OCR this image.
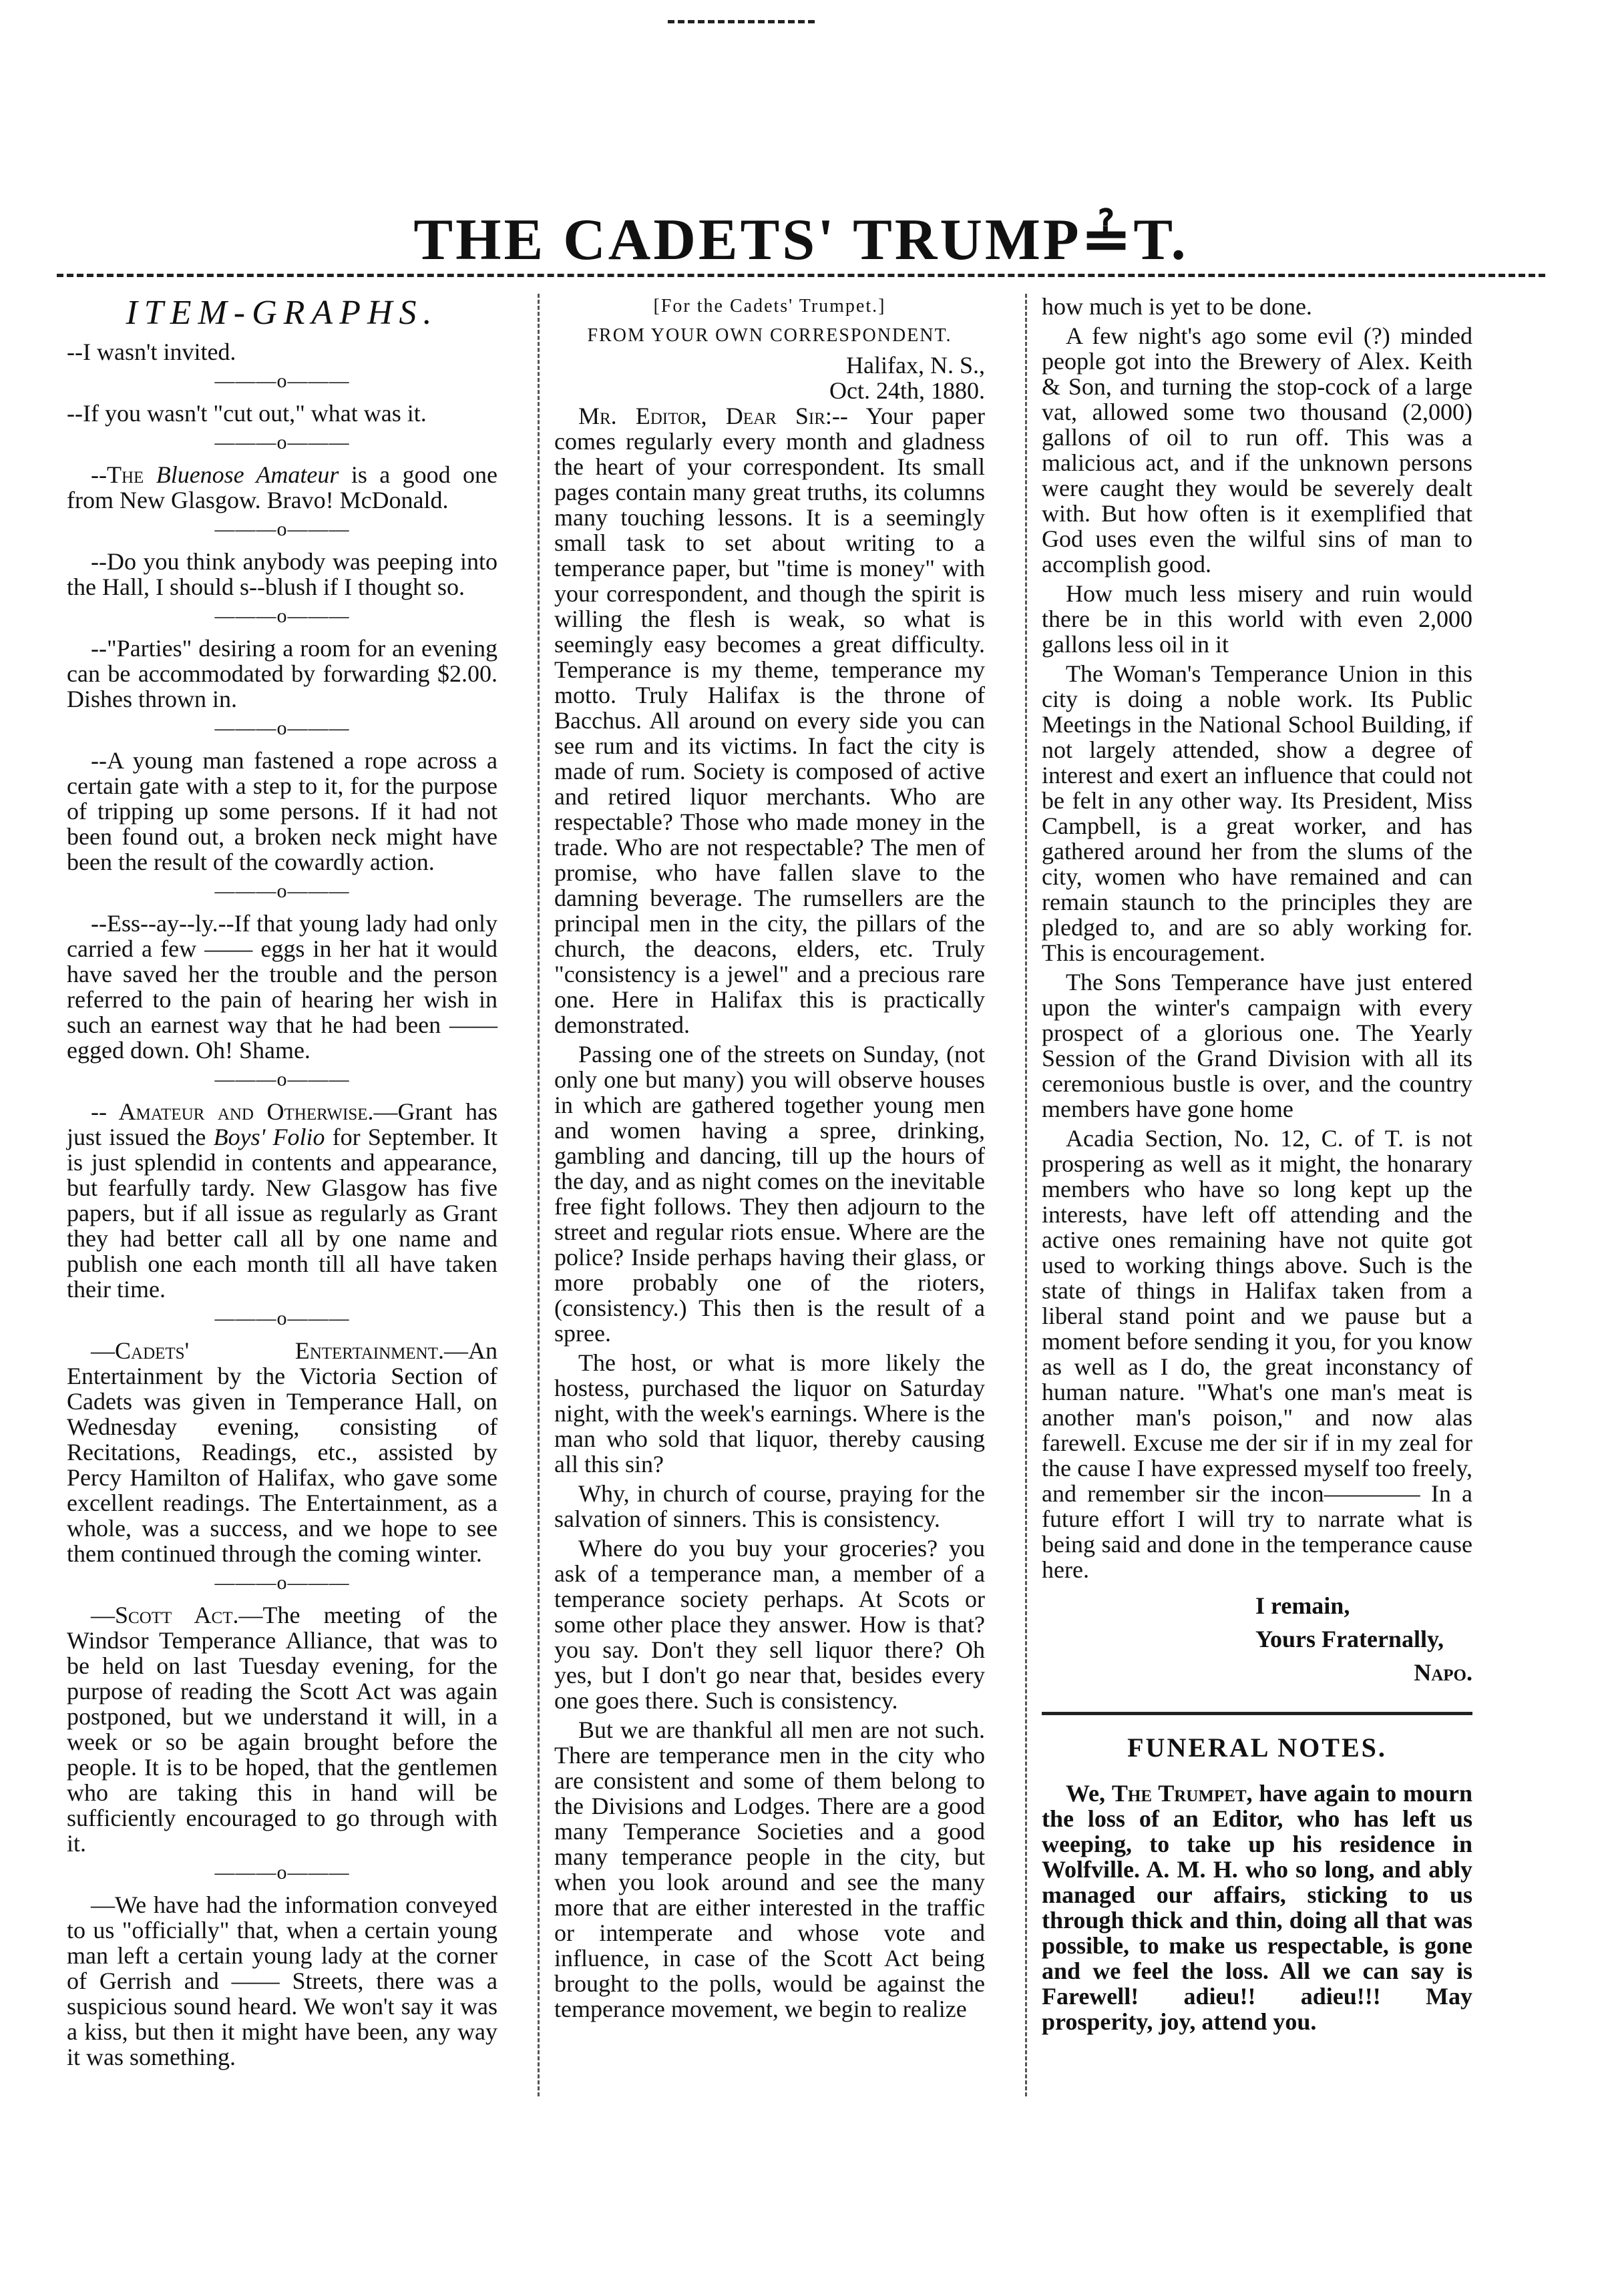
THE CADETS' TRUMP≟T.

ITEM-GRAPHS.

--I wasn't invited.

———o———

--If you wasn't "cut out," what was it.

———o———

--The Bluenose Amateur is a good one from New Glasgow. Bravo! McDonald.

———o———

--Do you think anybody was peeping into the Hall, I should s--blush if I thought so.

———o———

--"Parties" desiring a room for an evening can be accommodated by forwarding $2.00. Dishes thrown in.

———o———

--A young man fastened a rope across a certain gate with a step to it, for the purpose of tripping up some persons. If it had not been found out, a broken neck might have been the result of the cowardly action.

———o———

--Ess--ay--ly.--If that young lady had only carried a few —— eggs in her hat it would have saved her the trouble and the person referred to the pain of hearing her wish in such an earnest way that he had been —— egged down. Oh! Shame.

———o———

-- Amateur and Otherwise.—Grant has just issued the Boys' Folio for September. It is just splendid in contents and appearance, but fearfully tardy. New Glasgow has five papers, but if all issue as regularly as Grant they had better call all by one name and publish one each month till all have taken their time.

———o———

—Cadets' Entertainment.—An Entertainment by the Victoria Section of Cadets was given in Temperance Hall, on Wednesday evening, consisting of Recitations, Readings, etc., assisted by Percy Hamilton of Halifax, who gave some excellent readings. The Entertainment, as a whole, was a success, and we hope to see them continued through the coming winter.

———o———

—Scott Act.—The meeting of the Windsor Temperance Alliance, that was to be held on last Tuesday evening, for the purpose of reading the Scott Act was again postponed, but we understand it will, in a week or so be again brought before the people. It is to be hoped, that the gentlemen who are taking this in hand will be sufficiently encouraged to go through with it.

———o———

—We have had the information conveyed to us "officially" that, when a certain young man left a certain young lady at the corner of Gerrish and —— Streets, there was a suspicious sound heard. We won't say it was a kiss, but then it might have been, any way it was something.

[For the Cadets' Trumpet.]

FROM YOUR OWN CORRESPONDENT.

Halifax, N. S.,

Oct. 24th, 1880.

Mr. Editor, Dear Sir:-- Your paper comes regularly every month and gladness the heart of your correspondent. Its small pages contain many great truths, its columns many touching lessons. It is a seemingly small task to set about writing to a temperance paper, but "time is money" with your correspondent, and though the spirit is willing the flesh is weak, so what is seemingly easy becomes a great difficulty. Temperance is my theme, temperance my motto. Truly Halifax is the throne of Bacchus. All around on every side you can see rum and its victims. In fact the city is made of rum. Society is composed of active and retired liquor merchants. Who are respectable? Those who made money in the trade. Who are not respectable? The men of promise, who have fallen slave to the damning beverage. The rumsellers are the principal men in the city, the pillars of the church, the deacons, elders, etc. Truly "consistency is a jewel" and a precious rare one. Here in Halifax this is practically demonstrated.

Passing one of the streets on Sunday, (not only one but many) you will observe houses in which are gathered together young men and women having a spree, drinking, gambling and dancing, till up the hours of the day, and as night comes on the inevitable free fight follows. They then adjourn to the street and regular riots ensue. Where are the police? Inside perhaps having their glass, or more probably one of the rioters, (consistency.) This then is the result of a spree.

The host, or what is more likely the hostess, purchased the liquor on Saturday night, with the week's earnings. Where is the man who sold that liquor, thereby causing all this sin?

Why, in church of course, praying for the salvation of sinners. This is consistency.

Where do you buy your groceries? you ask of a temperance man, a member of a temperance society perhaps. At Scots or some other place they answer. How is that? you say. Don't they sell liquor there? Oh yes, but I don't go near that, besides every one goes there. Such is consistency.

But we are thankful all men are not such. There are temperance men in the city who are consistent and some of them belong to the Divisions and Lodges. There are a good many Temperance Societies and a good many temperance people in the city, but when you look around and see the many more that are either interested in the traffic or intemperate and whose vote and influence, in case of the Scott Act being brought to the polls, would be against the temperance movement, we begin to realize

how much is yet to be done.

A few night's ago some evil (?) minded people got into the Brewery of Alex. Keith & Son, and turning the stop-cock of a large vat, allowed some two thousand (2,000) gallons of oil to run off. This was a malicious act, and if the unknown persons were caught they would be severely dealt with. But how often is it exemplified that God uses even the wilful sins of man to accomplish good.

How much less misery and ruin would there be in this world with even 2,000 gallons less oil in it

The Woman's Temperance Union in this city is doing a noble work. Its Public Meetings in the National School Building, if not largely attended, show a degree of interest and exert an influence that could not be felt in any other way. Its President, Miss Campbell, is a great worker, and has gathered around her from the slums of the city, women who have remained and can remain staunch to the principles they are pledged to, and are so ably working for. This is encouragement.

The Sons Temperance have just entered upon the winter's campaign with every prospect of a glorious one. The Yearly Session of the Grand Division with all its ceremonious bustle is over, and the country members have gone home

Acadia Section, No. 12, C. of T. is not prospering as well as it might, the honarary members who have so long kept up the interests, have left off attending and the active ones remaining have not quite got used to working things above. Such is the state of things in Halifax taken from a liberal stand point and we pause but a moment before sending it you, for you know as well as I do, the great inconstancy of human nature. "What's one man's meat is another man's poison," and now alas farewell. Excuse me der sir if in my zeal for the cause I have expressed myself too freely, and remember sir the incon———— In a future effort I will try to narrate what is being said and done in the temperance cause here.

I remain,

Yours Fraternally,

Napo.

FUNERAL NOTES.

We, The Trumpet, have again to mourn the loss of an Editor, who has left us weeping, to take up his residence in Wolfville. A. M. H. who so long, and ably managed our affairs, sticking to us through thick and thin, doing all that was possible, to make us respectable, is gone and we feel the loss. All we can say is Farewell! adieu!! adieu!!! May prosperity, joy, attend you.
